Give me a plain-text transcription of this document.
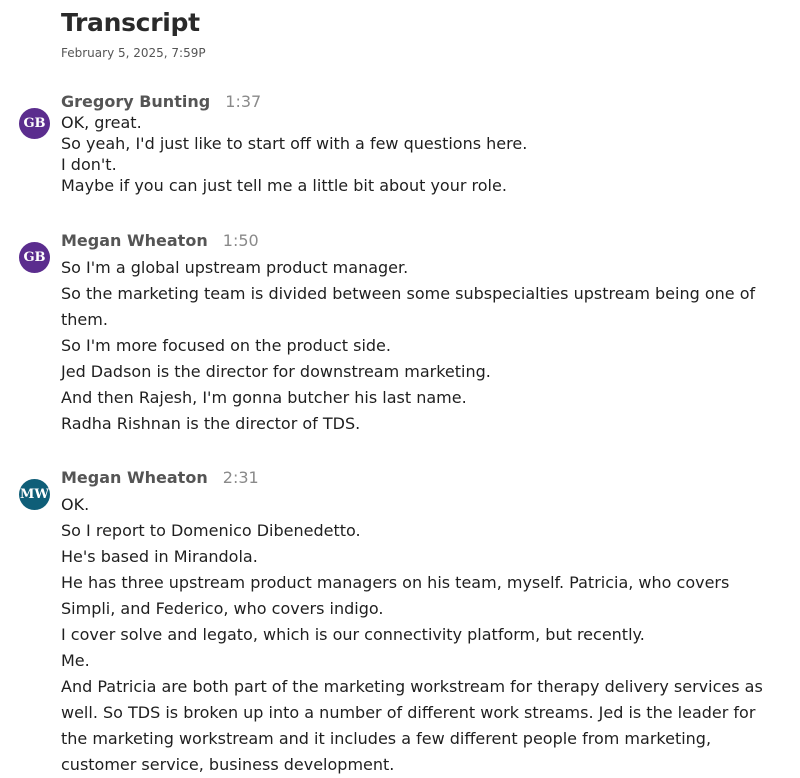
Transcript
February 5, 2025, 7:59P
GB
Gregory Bunting 1:37
OK, great.
So yeah, I'd just like to start off with a few questions here.
I don't.
Maybe if you can just tell me a little bit about your role.
GB
Megan Wheaton 1:50
So I'm a global upstream product manager.
So the marketing team is divided between some subspecialties upstream being one of them.
So I'm more focused on the product side.
Jed Dadson is the director for downstream marketing.
And then Rajesh, I'm gonna butcher his last name.
Radha Rishnan is the director of TDS.
MW
Megan Wheaton 2:31
OK.
So I report to Domenico Dibenedetto.
He's based in Mirandola.
He has three upstream product managers on his team, myself. Patricia, who covers Simpli, and Federico, who covers indigo.
I cover solve and legato, which is our connectivity platform, but recently.
Me.
And Patricia are both part of the marketing workstream for therapy delivery services as well. So TDS is broken up into a number of different work streams. Jed is the leader for the marketing workstream and it includes a few different people from marketing, customer service, business development.
